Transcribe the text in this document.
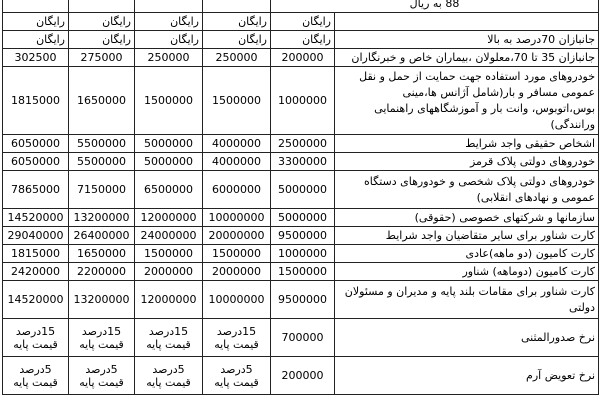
				88 به ریال	
رایگان	رایگان	رایگان	رایگان	رایگان	
رایگان	رایگان	رایگان	رایگان	رایگان	جانبازان 70درصد به بالا
302500	275000	250000	250000	200000	جانبازان 35 تا 70،معلولان ،بیماران خاص و خبرنگاران
1815000	1650000	1500000	1500000	1000000	خودروهای مورد استفاده جهت حمایت از حمل و نقل عمومی مسافر و بار(شامل آژانس ها،مینی بوس،اتوبوس، وانت بار و آموزشگاههای راهنمایی ورانندگی)
6050000	5500000	5000000	4000000	2500000	اشخاص حقیقی واجد شرایط
6050000	5500000	5000000	4000000	3300000	خودروهای دولتی پلاک قرمز
7865000	7150000	6500000	6000000	5000000	خودروهای دولتی پلاک شخصی و خودورهای دستگاه عمومی و نهادهای انقلابی)
14520000	13200000	12000000	10000000	5000000	سازمانها و شرکتهای خصوصی (حقوقی)
29040000	26400000	24000000	20000000	9500000	کارت شناور برای سایر متقاضیان واجد شرایط
1815000	1650000	1500000	1500000	1000000	کارت کامیون (دو ماهه)عادی
2420000	2200000	2000000	2000000	1500000	کارت کامیون (دوماهه) شناور
14520000	13200000	12000000	10000000	9500000	کارت شناور برای مقامات بلند پایه و مدیران و مسئولان دولتی
15درصد قیمت پایه	15درصد قیمت پایه	15درصد قیمت پایه	15درصد قیمت پایه	700000	نرخ صدورالمثنی
5درصد قیمت پایه	5درصد قیمت پایه	5درصد قیمت پایه	5درصد قیمت پایه	200000	نرخ تعویض آرم
